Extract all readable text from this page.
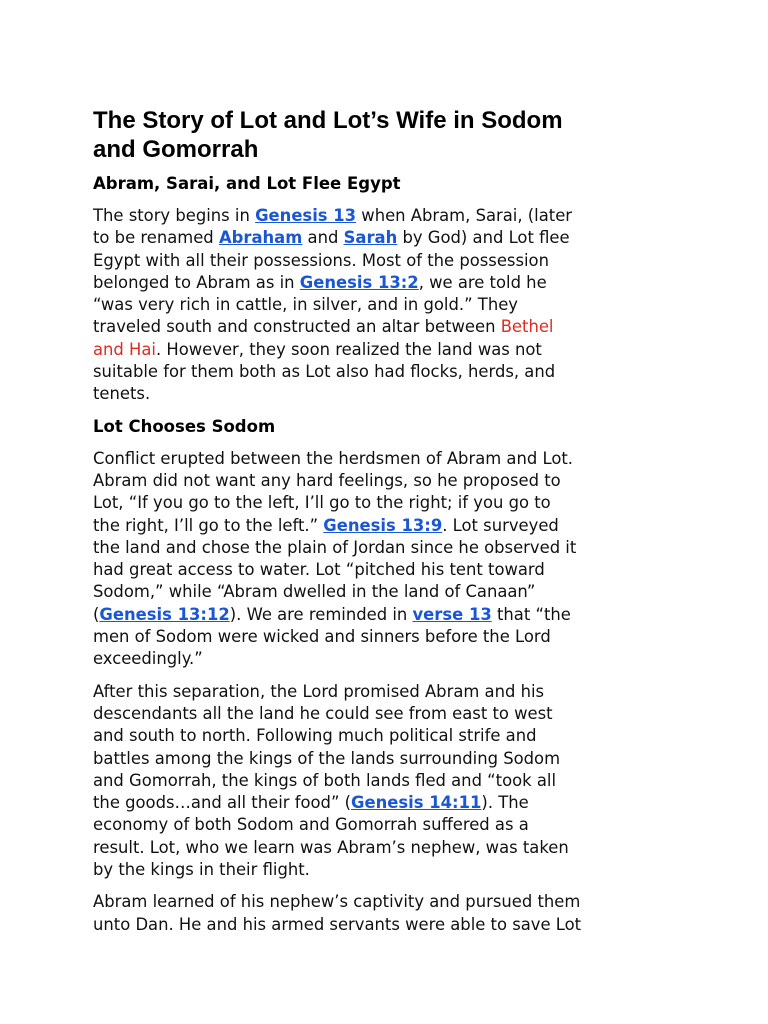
The Story of Lot and Lot’s Wife in Sodom
and Gomorrah
Abram, Sarai, and Lot Flee Egypt

The story begins in Genesis 13 when Abram, Sarai, (later
to be renamed Abraham and Sarah by God) and Lot flee
Egypt with all their possessions. Most of the possession
belonged to Abram as in Genesis 13:2, we are told he
“was very rich in cattle, in silver, and in gold.” They
traveled south and constructed an altar between Bethel
and Hai. However, they soon realized the land was not
suitable for them both as Lot also had flocks, herds, and
tenets.

Lot Chooses Sodom

Conflict erupted between the herdsmen of Abram and Lot.
Abram did not want any hard feelings, so he proposed to
Lot, “If you go to the left, I’ll go to the right; if you go to
the right, I’ll go to the left.” Genesis 13:9. Lot surveyed
the land and chose the plain of Jordan since he observed it
had great access to water. Lot “pitched his tent toward
Sodom,” while “Abram dwelled in the land of Canaan”
(Genesis 13:12). We are reminded in verse 13 that “the
men of Sodom were wicked and sinners before the Lord
exceedingly.”

After this separation, the Lord promised Abram and his
descendants all the land he could see from east to west
and south to north. Following much political strife and
battles among the kings of the lands surrounding Sodom
and Gomorrah, the kings of both lands fled and “took all
the goods…and all their food” (Genesis 14:11). The
economy of both Sodom and Gomorrah suffered as a
result. Lot, who we learn was Abram’s nephew, was taken
by the kings in their flight.

Abram learned of his nephew’s captivity and pursued them
unto Dan. He and his armed servants were able to save Lot
